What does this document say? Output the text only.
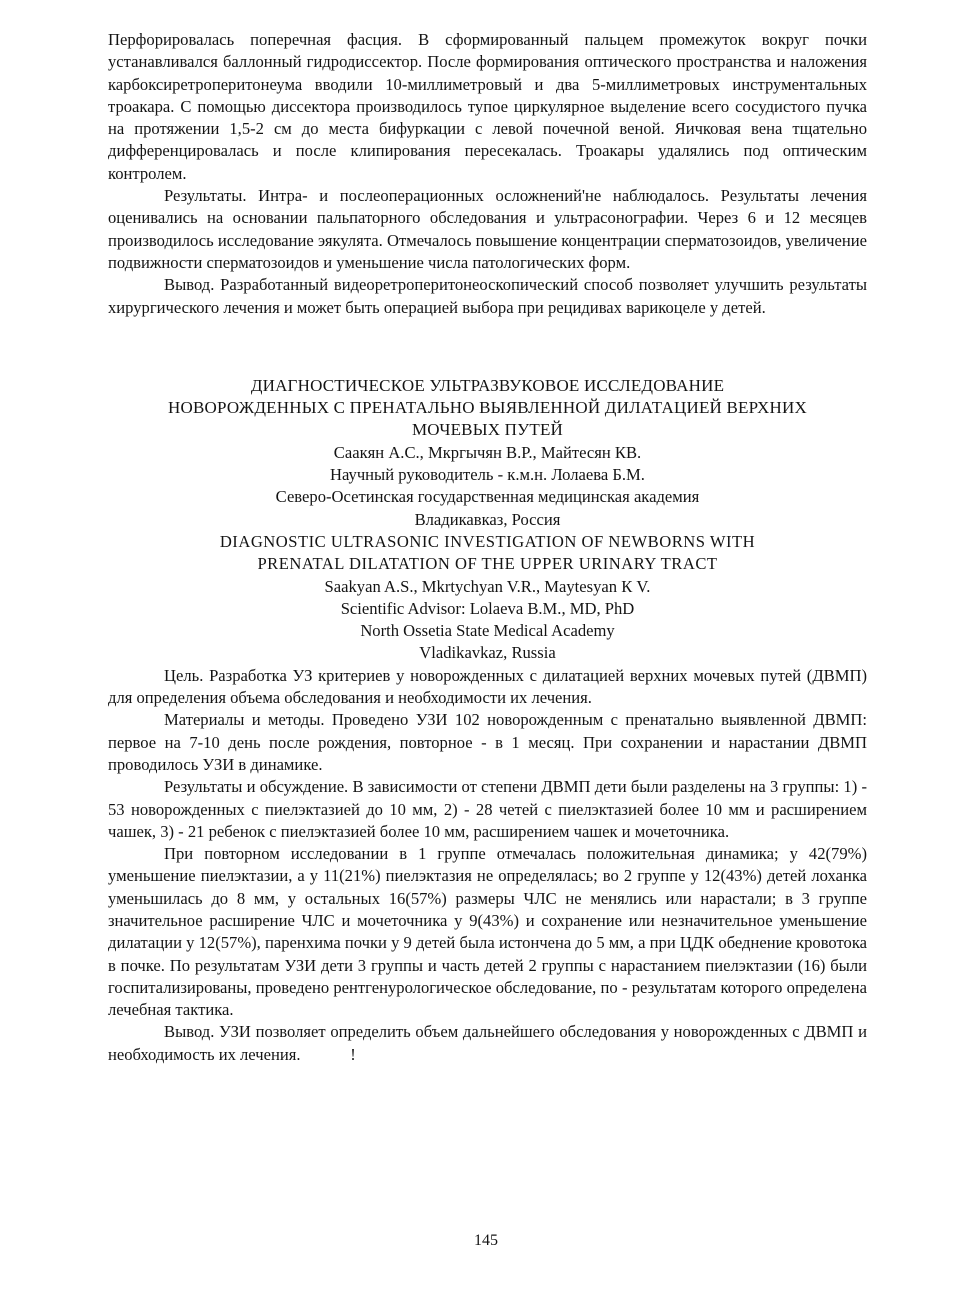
Перфорировалась поперечная фасция. В сформированный пальцем промежуток вокруг почки устанавливался баллонный гидродиссектор. После формирования оптического пространства и наложения карбоксиретроперитонеума вводили 10-миллиметровый и два 5-миллиметровых инструментальных троакара. С помощью диссектора производилось тупое циркулярное выделение всего сосудистого пучка на протяжении 1,5-2 см до места бифуркации с левой почечной веной. Яичковая вена тщательно дифференцировалась и после клипирования пересекалась. Троакары удалялись под оптическим контролем.

Результаты. Интра- и послеоперационных осложнений'не наблюдалось. Результаты лечения оценивались на основании пальпаторного обследования и ультрасонографии. Через 6 и 12 месяцев производилось исследование эякулята. Отмечалось повышение концентрации сперматозоидов, увеличение подвижности сперматозоидов и уменьшение числа патологических форм.

Вывод. Разработанный видеоретроперитонеоскопический способ позволяет улучшить результаты хирургического лечения и может быть операцией выбора при рецидивах варикоцеле у детей.

ДИАГНОСТИЧЕСКОЕ УЛЬТРАЗВУКОВОЕ ИССЛЕДОВАНИЕ

НОВОРОЖДЕННЫХ С ПРЕНАТАЛЬНО ВЫЯВЛЕННОЙ ДИЛАТАЦИЕЙ ВЕРХНИХ

МОЧЕВЫХ ПУТЕЙ

Саакян А.С., Мкргычян В.Р., Майтесян КВ.

Научный руководитель - к.м.н. Лолаева Б.М.

Северо-Осетинская государственная медицинская академия

Владикавказ, Россия

DIAGNOSTIC ULTRASONIC INVESTIGATION OF NEWBORNS WITH

PRENATAL DILATATION OF THE UPPER URINARY TRACT

Saakyan A.S., Mkrtychyan V.R., Maytesyan К V.

Scientific Advisor: Lolaeva B.M., MD, PhD

North Ossetia State Medical Academy

Vladikavkaz, Russia

Цель. Разработка УЗ критериев у новорожденных с дилатацией верхних мочевых путей (ДВМП) для определения объема обследования и необходимости их лечения.

Материалы и методы. Проведено УЗИ 102 новорожденным с пренатально выявленной ДВМП: первое на 7-10 день после рождения, повторное - в 1 месяц. При сохранении и нарастании ДВМП проводилось УЗИ в динамике.

Результаты и обсуждение. В зависимости от степени ДВМП дети были разделены на 3 группы: 1) - 53 новорожденных с пиелэктазией до 10 мм, 2) - 28 четей с пиелэктазией более 10 мм и расширением чашек, 3) - 21 ребенок с пиелэктазией более 10 мм, расширением чашек и мочеточника.

При повторном исследовании в 1 группе отмечалась положительная динамика; у 42(79%) уменьшение пиелэктазии, а у 11(21%) пиелэктазия не определялась; во 2 группе у 12(43%) детей лоханка уменьшилась до 8 мм, у остальных 16(57%) размеры ЧЛС не менялись или нарастали; в 3 группе значительное расширение ЧЛС и мочеточника у 9(43%) и сохранение или незначительное уменьшение дилатации у 12(57%), паренхима почки у 9 детей была истончена до 5 мм, а при ЦДК обеднение кровотока в почке. По результатам УЗИ дети 3 группы и часть детей 2 группы с нарастанием пиелэктазии (16) были госпитализированы, проведено рентгенурологическое обследование, по - результатам которого определена лечебная тактика.

Вывод. УЗИ позволяет определить объем дальнейшего обследования у новорожденных с ДВМП и необходимость их лечения.            !

145
